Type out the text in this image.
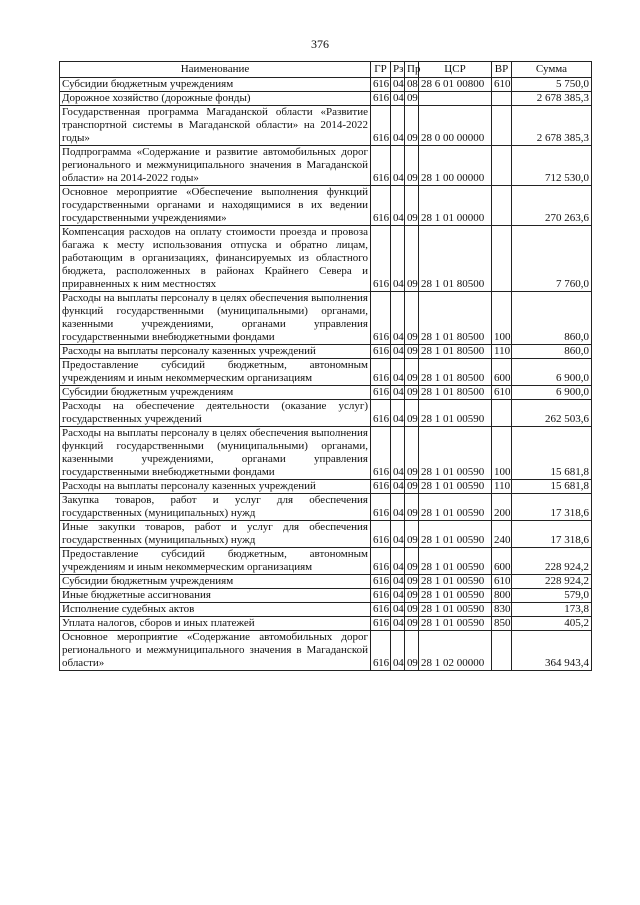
376
Наименование	ГР	Рз	Пр	ЦСР	ВР	Сумма
Субсидии бюджетным учреждениям	616	04	08	28 6 01 00800	610	5 750,0
Дорожное хозяйство (дорожные фонды)	616	04	09			2 678 385,3
Государственная программа Магаданской области «Развитие транспортной системы в Магаданской области» на 2014-2022 годы»	616	04	09	28 0 00 00000		2 678 385,3
Подпрограмма «Содержание и развитие автомобильных дорог регионального и межмуниципального значения в Магаданской области» на 2014-2022 годы»	616	04	09	28 1 00 00000		712 530,0
Основное мероприятие «Обеспечение выполнения функций государственными органами и находящимися в их ведении государственными учреждениями»	616	04	09	28 1 01 00000		270 263,6
Компенсация расходов на оплату стоимости проезда и провоза багажа к месту использования отпуска и обратно лицам, работающим в организациях, финансируемых из областного бюджета, расположенных в районах Крайнего Севера и приравненных к ним местностях	616	04	09	28 1 01 80500		7 760,0
Расходы на выплаты персоналу в целях обеспечения выполнения функций государственными (муниципальными) органами, казенными учреждениями, органами управления государственными внебюджетными фондами	616	04	09	28 1 01 80500	100	860,0
Расходы на выплаты персоналу казенных учреждений	616	04	09	28 1 01 80500	110	860,0
Предоставление субсидий бюджетным, автономным учреждениям и иным некоммерческим организациям	616	04	09	28 1 01 80500	600	6 900,0
Субсидии бюджетным учреждениям	616	04	09	28 1 01 80500	610	6 900,0
Расходы на обеспечение деятельности (оказание услуг) государственных учреждений	616	04	09	28 1 01 00590		262 503,6
Расходы на выплаты персоналу в целях обеспечения выполнения функций государственными (муниципальными) органами, казенными учреждениями, органами управления государственными внебюджетными фондами	616	04	09	28 1 01 00590	100	15 681,8
Расходы на выплаты персоналу казенных учреждений	616	04	09	28 1 01 00590	110	15 681,8
Закупка товаров, работ и услуг для обеспечения государственных (муниципальных) нужд	616	04	09	28 1 01 00590	200	17 318,6
Иные закупки товаров, работ и услуг для обеспечения государственных (муниципальных) нужд	616	04	09	28 1 01 00590	240	17 318,6
Предоставление субсидий бюджетным, автономным учреждениям и иным некоммерческим организациям	616	04	09	28 1 01 00590	600	228 924,2
Субсидии бюджетным учреждениям	616	04	09	28 1 01 00590	610	228 924,2
Иные бюджетные ассигнования	616	04	09	28 1 01 00590	800	579,0
Исполнение судебных актов	616	04	09	28 1 01 00590	830	173,8
Уплата налогов, сборов и иных платежей	616	04	09	28 1 01 00590	850	405,2
Основное мероприятие «Содержание автомобильных дорог регионального и межмуниципального значения в Магаданской области»	616	04	09	28 1 02 00000		364 943,4
